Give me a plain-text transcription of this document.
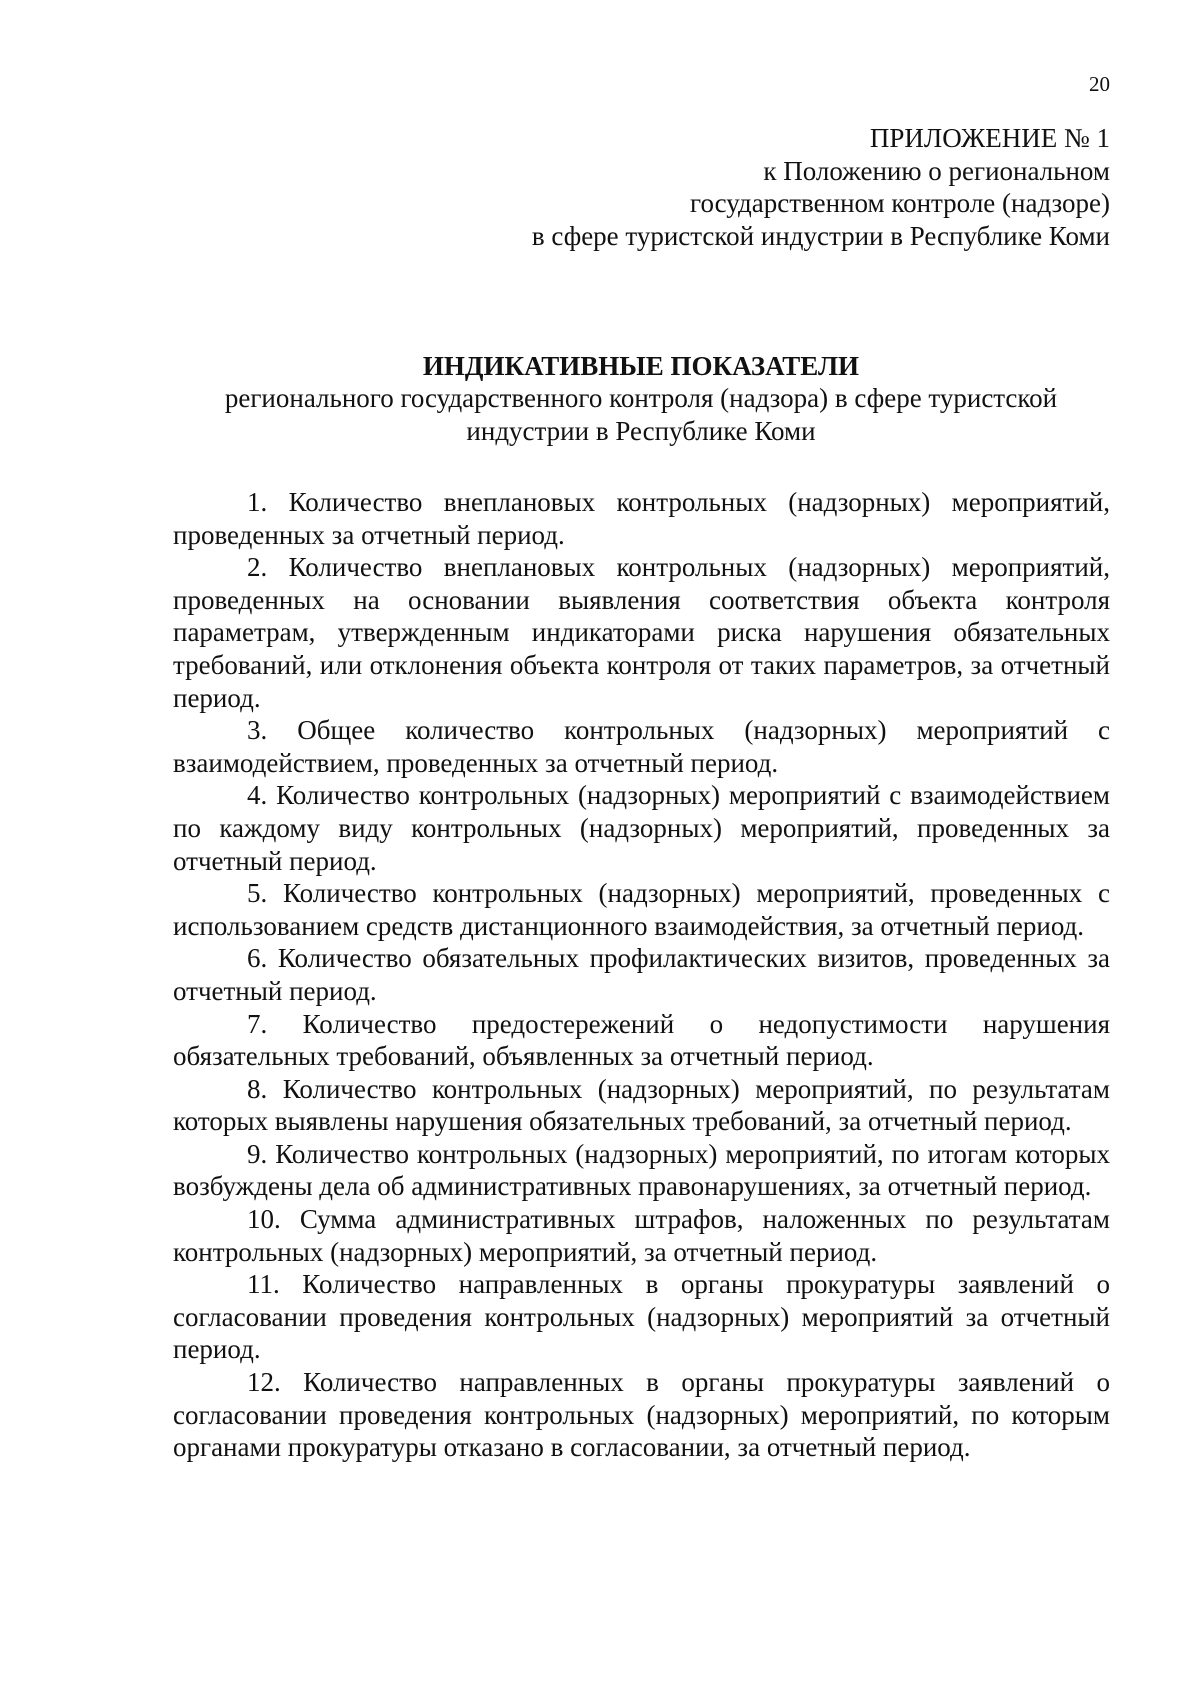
20
ПРИЛОЖЕНИЕ № 1
к Положению о региональном
государственном контроле (надзоре)
в сфере туристской индустрии в Республике Коми

ИНДИКАТИВНЫЕ ПОКАЗАТЕЛИ

регионального государственного контроля (надзора) в сфере туристской индустрии в Республике Коми

1. Количество внеплановых контрольных (надзорных) мероприятий, проведенных за отчетный период.
2. Количество внеплановых контрольных (надзорных) мероприятий, проведенных на основании выявления соответствия объекта контроля параметрам, утвержденным индикаторами риска нарушения обязательных требований, или отклонения объекта контроля от таких параметров, за отчетный период.
3. Общее количество контрольных (надзорных) мероприятий с взаимодействием, проведенных за отчетный период.
4. Количество контрольных (надзорных) мероприятий с взаимодействием по каждому виду контрольных (надзорных) мероприятий, проведенных за отчетный период.
5. Количество контрольных (надзорных) мероприятий, проведенных с использованием средств дистанционного взаимодействия, за отчетный период.
6. Количество обязательных профилактических визитов, проведенных за отчетный период.
7. Количество предостережений о недопустимости нарушения обязательных требований, объявленных за отчетный период.
8. Количество контрольных (надзорных) мероприятий, по результатам которых выявлены нарушения обязательных требований, за отчетный период.
9. Количество контрольных (надзорных) мероприятий, по итогам которых возбуждены дела об административных правонарушениях, за отчетный период.
10. Сумма административных штрафов, наложенных по результатам контрольных (надзорных) мероприятий, за отчетный период.
11. Количество направленных в органы прокуратуры заявлений о согласовании проведения контрольных (надзорных) мероприятий за отчетный период.
12. Количество направленных в органы прокуратуры заявлений о согласовании проведения контрольных (надзорных) мероприятий, по которым органами прокуратуры отказано в согласовании, за отчетный период.
